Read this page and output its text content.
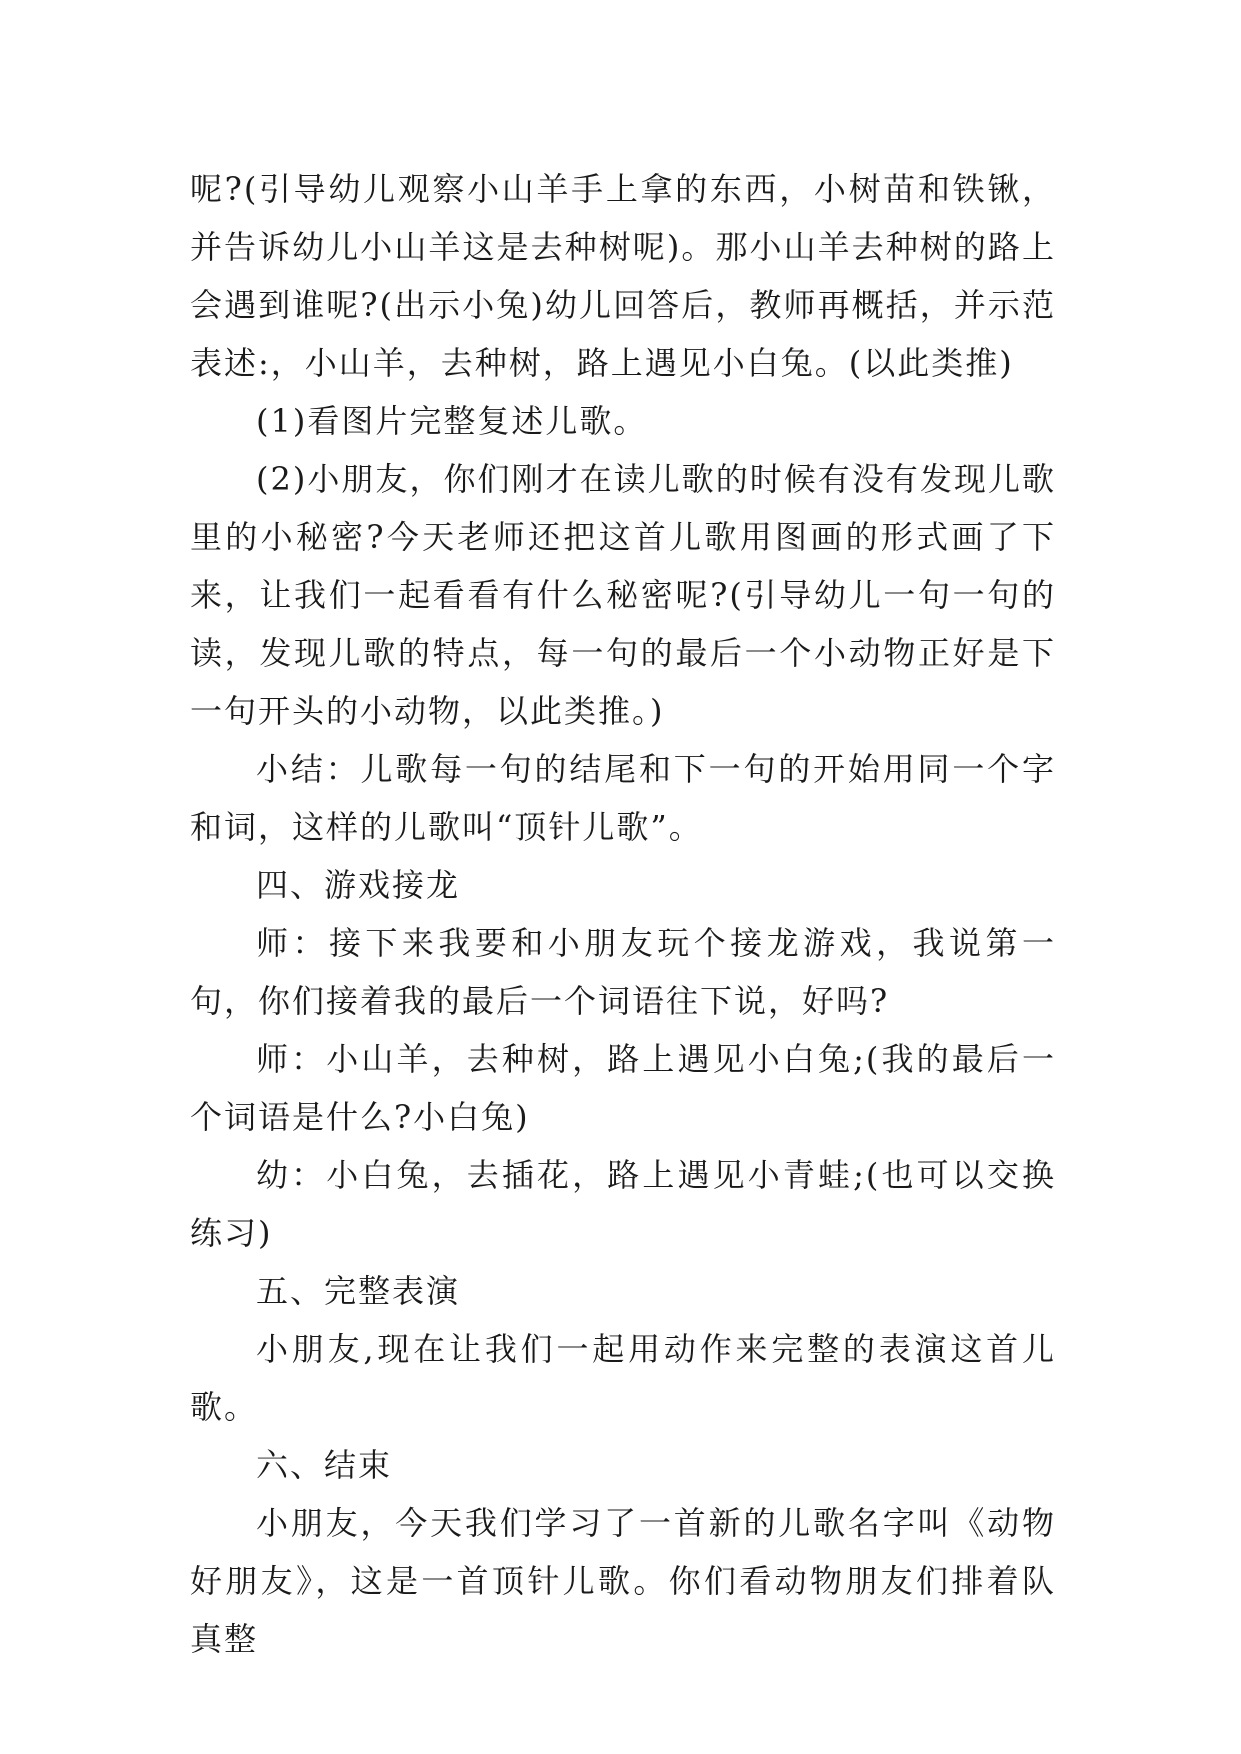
呢?(引导幼儿观察小山羊手上拿的东西，小树苗和铁锹，并告诉幼儿小山羊这是去种树呢)。那小山羊去种树的路上会遇到谁呢?(出示小兔)幼儿回答后，教师再概括，并示范表述:，小山羊，去种树，路上遇见小白兔。(以此类推)

(1)看图片完整复述儿歌。

(2)小朋友，你们刚才在读儿歌的时候有没有发现儿歌里的小秘密?今天老师还把这首儿歌用图画的形式画了下来，让我们一起看看有什么秘密呢?(引导幼儿一句一句的读，发现儿歌的特点，每一句的最后一个小动物正好是下一句开头的小动物，以此类推。)

小结：儿歌每一句的结尾和下一句的开始用同一个字和词，这样的儿歌叫“顶针儿歌”。

四、游戏接龙

师：接下来我要和小朋友玩个接龙游戏，我说第一句，你们接着我的最后一个词语往下说，好吗?

师：小山羊，去种树，路上遇见小白兔;(我的最后一个词语是什么?小白兔)

幼：小白兔，去插花，路上遇见小青蛙;(也可以交换练习)

五、完整表演

小朋友,现在让我们一起用动作来完整的表演这首儿歌。

六、结束

小朋友，今天我们学习了一首新的儿歌名字叫《动物好朋友》，这是一首顶针儿歌。你们看动物朋友们排着队真整
